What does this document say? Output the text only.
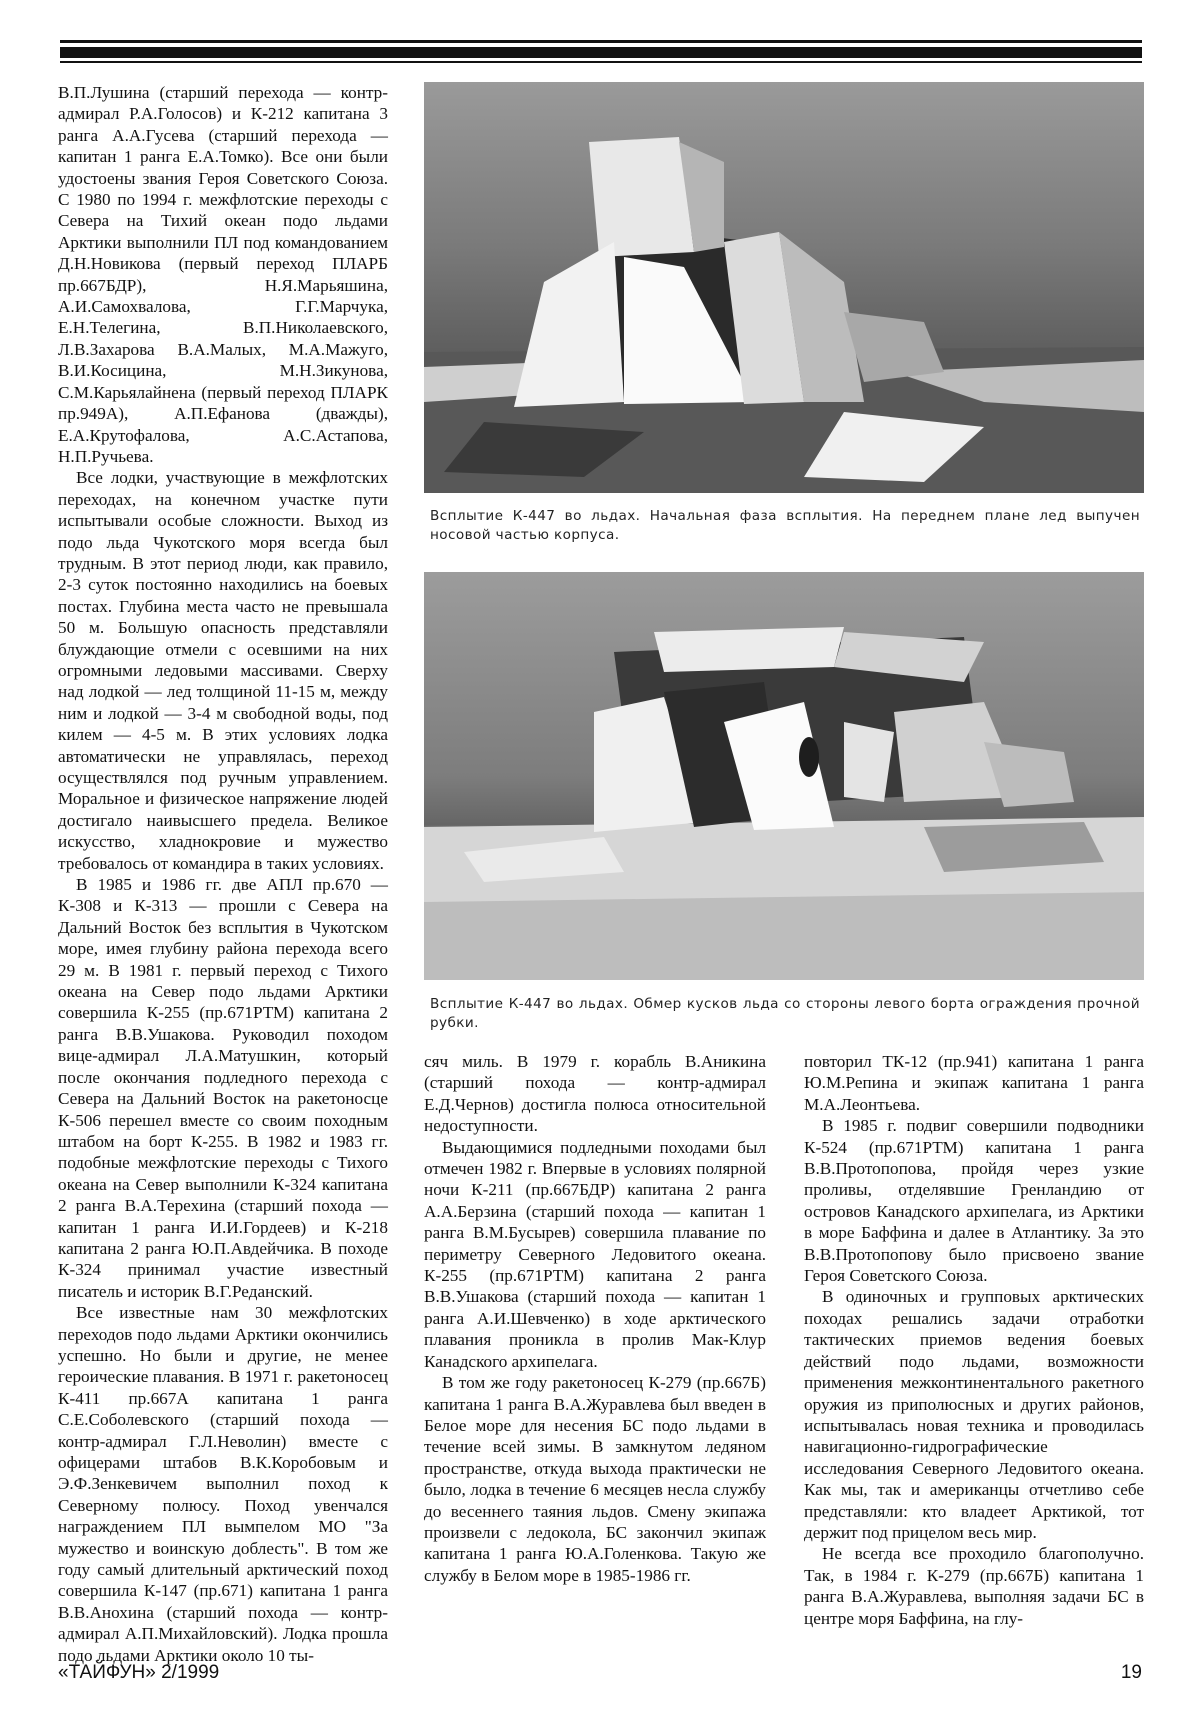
В.П.Лушина (старший перехода — контр-адмирал Р.А.Голосов) и К-212 капитана 3 ранга А.А.Гусева (старший перехода — капитан 1 ранга Е.А.Томко). Все они были удостоены звания Героя Советского Союза. С 1980 по 1994 г. межфлотские переходы с Севера на Тихий океан подо льдами Арктики выполнили ПЛ под командованием Д.Н.Новикова (первый переход ПЛАРБ пр.667БДР), Н.Я.Марьяшина, А.И.Самохвалова, Г.Г.Марчука, Е.Н.Телегина, В.П.Николаевского, Л.В.Захарова В.А.Малых, М.А.Мажуго, В.И.Косицина, М.Н.Зикунова, С.М.Карьялайнена (первый переход ПЛАРК пр.949А), А.П.Ефанова (дважды), Е.А.Крутофалова, А.С.Астапова, Н.П.Ручьева.

Все лодки, участвующие в межфлотских переходах, на конечном участке пути испытывали особые сложности. Выход из подо льда Чукотского моря всегда был трудным. В этот период люди, как правило, 2-3 суток постоянно находились на боевых постах. Глубина места часто не превышала 50 м. Большую опасность представляли блуждающие отмели с осевшими на них огромными ледовыми массивами. Сверху над лодкой — лед толщиной 11-15 м, между ним и лодкой — 3-4 м свободной воды, под килем — 4-5 м. В этих условиях лодка автоматически не управлялась, переход осуществлялся под ручным управлением. Моральное и физическое напряжение людей достигало наивысшего предела. Великое искусство, хладнокровие и мужество требовалось от командира в таких условиях.

В 1985 и 1986 гг. две АПЛ пр.670 — К-308 и К-313 — прошли с Севера на Дальний Восток без всплытия в Чукотском море, имея глубину района перехода всего 29 м. В 1981 г. первый переход с Тихого океана на Север подо льдами Арктики совершила К-255 (пр.671РТМ) капитана 2 ранга В.В.Ушакова. Руководил походом вице-адмирал Л.А.Матушкин, который после окончания подледного перехода с Севера на Дальний Восток на ракетоносце К-506 перешел вместе со своим походным штабом на борт К-255. В 1982 и 1983 гг. подобные межфлотские переходы с Тихого океана на Север выполнили К-324 капитана 2 ранга В.А.Терехина (старший похода — капитан 1 ранга И.И.Гордеев) и К-218 капитана 2 ранга Ю.П.Авдейчика. В походе К-324 принимал участие известный писатель и историк В.Г.Реданский.

Все известные нам 30 межфлотских переходов подо льдами Арктики окончились успешно. Но были и другие, не менее героические плавания. В 1971 г. ракетоносец К-411 пр.667А капитана 1 ранга С.Е.Соболевского (старший похода — контр-адмирал Г.Л.Неволин) вместе с офицерами штабов В.К.Коробовым и Э.Ф.Зенкевичем выполнил поход к Северному полюсу. Поход увенчался награждением ПЛ вымпелом МО "За мужество и воинскую доблесть". В том же году самый длительный арктический поход совершила К-147 (пр.671) капитана 1 ранга В.В.Анохина (старший похода — контр-адмирал А.П.Михайловский). Лодка прошла подо льдами Арктики около 10 ты-

Всплытие К-447 во льдах. Начальная фаза всплытия. На переднем плане лед выпучен носовой частью корпуса.
Всплытие К-447 во льдах. Обмер кусков льда со стороны левого борта ограждения прочной рубки.

сяч миль. В 1979 г. корабль В.Аникина (старший похода — контр-адмирал Е.Д.Чернов) достигла полюса относительной недоступности.

Выдающимися подледными походами был отмечен 1982 г. Впервые в условиях полярной ночи К-211 (пр.667БДР) капитана 2 ранга А.А.Берзина (старший похода — капитан 1 ранга В.М.Бусырев) совершила плавание по периметру Северного Ледовитого океана. К-255 (пр.671РТМ) капитана 2 ранга В.В.Ушакова (старший похода — капитан 1 ранга А.И.Шевченко) в ходе арктического плавания проникла в пролив Мак-Клур Канадского архипелага.

В том же году ракетоносец К-279 (пр.667Б) капитана 1 ранга В.А.Журавлева был введен в Белое море для несения БС подо льдами в течение всей зимы. В замкнутом ледяном пространстве, откуда выхода практически не было, лодка в течение 6 месяцев несла службу до весеннего таяния льдов. Смену экипажа произвели с ледокола, БС закончил экипаж капитана 1 ранга Ю.А.Голенкова. Такую же службу в Белом море в 1985-1986 гг.

повторил ТК-12 (пр.941) капитана 1 ранга Ю.М.Репина и экипаж капитана 1 ранга М.А.Леонтьева.

В 1985 г. подвиг совершили подводники К-524 (пр.671РТМ) капитана 1 ранга В.В.Протопопова, пройдя через узкие проливы, отделявшие Гренландию от островов Канадского архипелага, из Арктики в море Баффина и далее в Атлантику. За это В.В.Протопопову было присвоено звание Героя Советского Союза.

В одиночных и групповых арктических походах решались задачи отработки тактических приемов ведения боевых действий подо льдами, возможности применения межконтинентального ракетного оружия из приполюсных и других районов, испытывалась новая техника и проводилась навигационно-гидрографические исследования Северного Ледовитого океана. Как мы, так и американцы отчетливо себе представляли: кто владеет Арктикой, тот держит под прицелом весь мир.

Не всегда все проходило благополучно. Так, в 1984 г. К-279 (пр.667Б) капитана 1 ранга В.А.Журавлева, выполняя задачи БС в центре моря Баффина, на глу-

«ТАЙФУН» 2/1999	19
